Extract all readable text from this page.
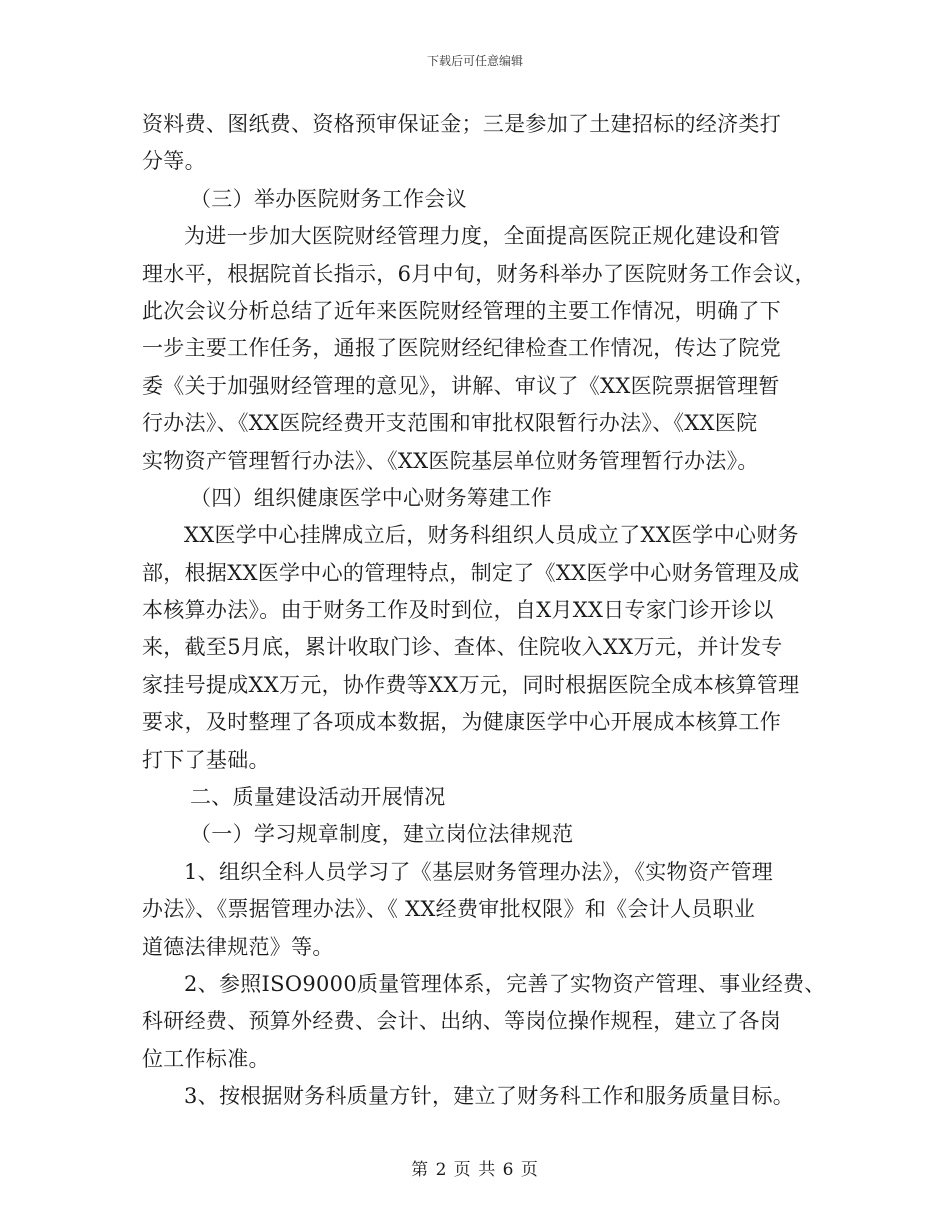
下载后可任意编辑
资料费、图纸费、资格预审保证金；三是参加了土建招标的经济类打
分等。
（三）举办医院财务工作会议
为进一步加大医院财经管理力度，全面提高医院正规化建设和管
理水平，根据院首长指示，6月中旬，财务科举办了医院财务工作会议，
此次会议分析总结了近年来医院财经管理的主要工作情况，明确了下
一步主要工作任务，通报了医院财经纪律检查工作情况，传达了院党
委《关于加强财经管理的意见》，讲解、审议了《XX医院票据管理暂
行办法》、《XX医院经费开支范围和审批权限暂行办法》、《XX医院
实物资产管理暂行办法》、《XX医院基层单位财务管理暂行办法》。
（四）组织健康医学中心财务筹建工作
XX医学中心挂牌成立后，财务科组织人员成立了XX医学中心财务
部，根据XX医学中心的管理特点，制定了《XX医学中心财务管理及成
本核算办法》。由于财务工作及时到位，自X月XX日专家门诊开诊以
来，截至5月底，累计收取门诊、查体、住院收入XX万元，并计发专
家挂号提成XX万元，协作费等XX万元，同时根据医院全成本核算管理
要求，及时整理了各项成本数据，为健康医学中心开展成本核算工作
打下了基础。
二、质量建设活动开展情况
（一）学习规章制度，建立岗位法律规范
1、组织全科人员学习了《基层财务管理办法》，《实物资产管理
办法》、《票据管理办法》、《 XX经费审批权限》和《会计人员职业
道德法律规范》等。
2、参照ISO9000质量管理体系，完善了实物资产管理、事业经费、
科研经费、预算外经费、会计、出纳、等岗位操作规程，建立了各岗
位工作标准。
3、按根据财务科质量方针，建立了财务科工作和服务质量目标。
第 2 页 共 6 页
